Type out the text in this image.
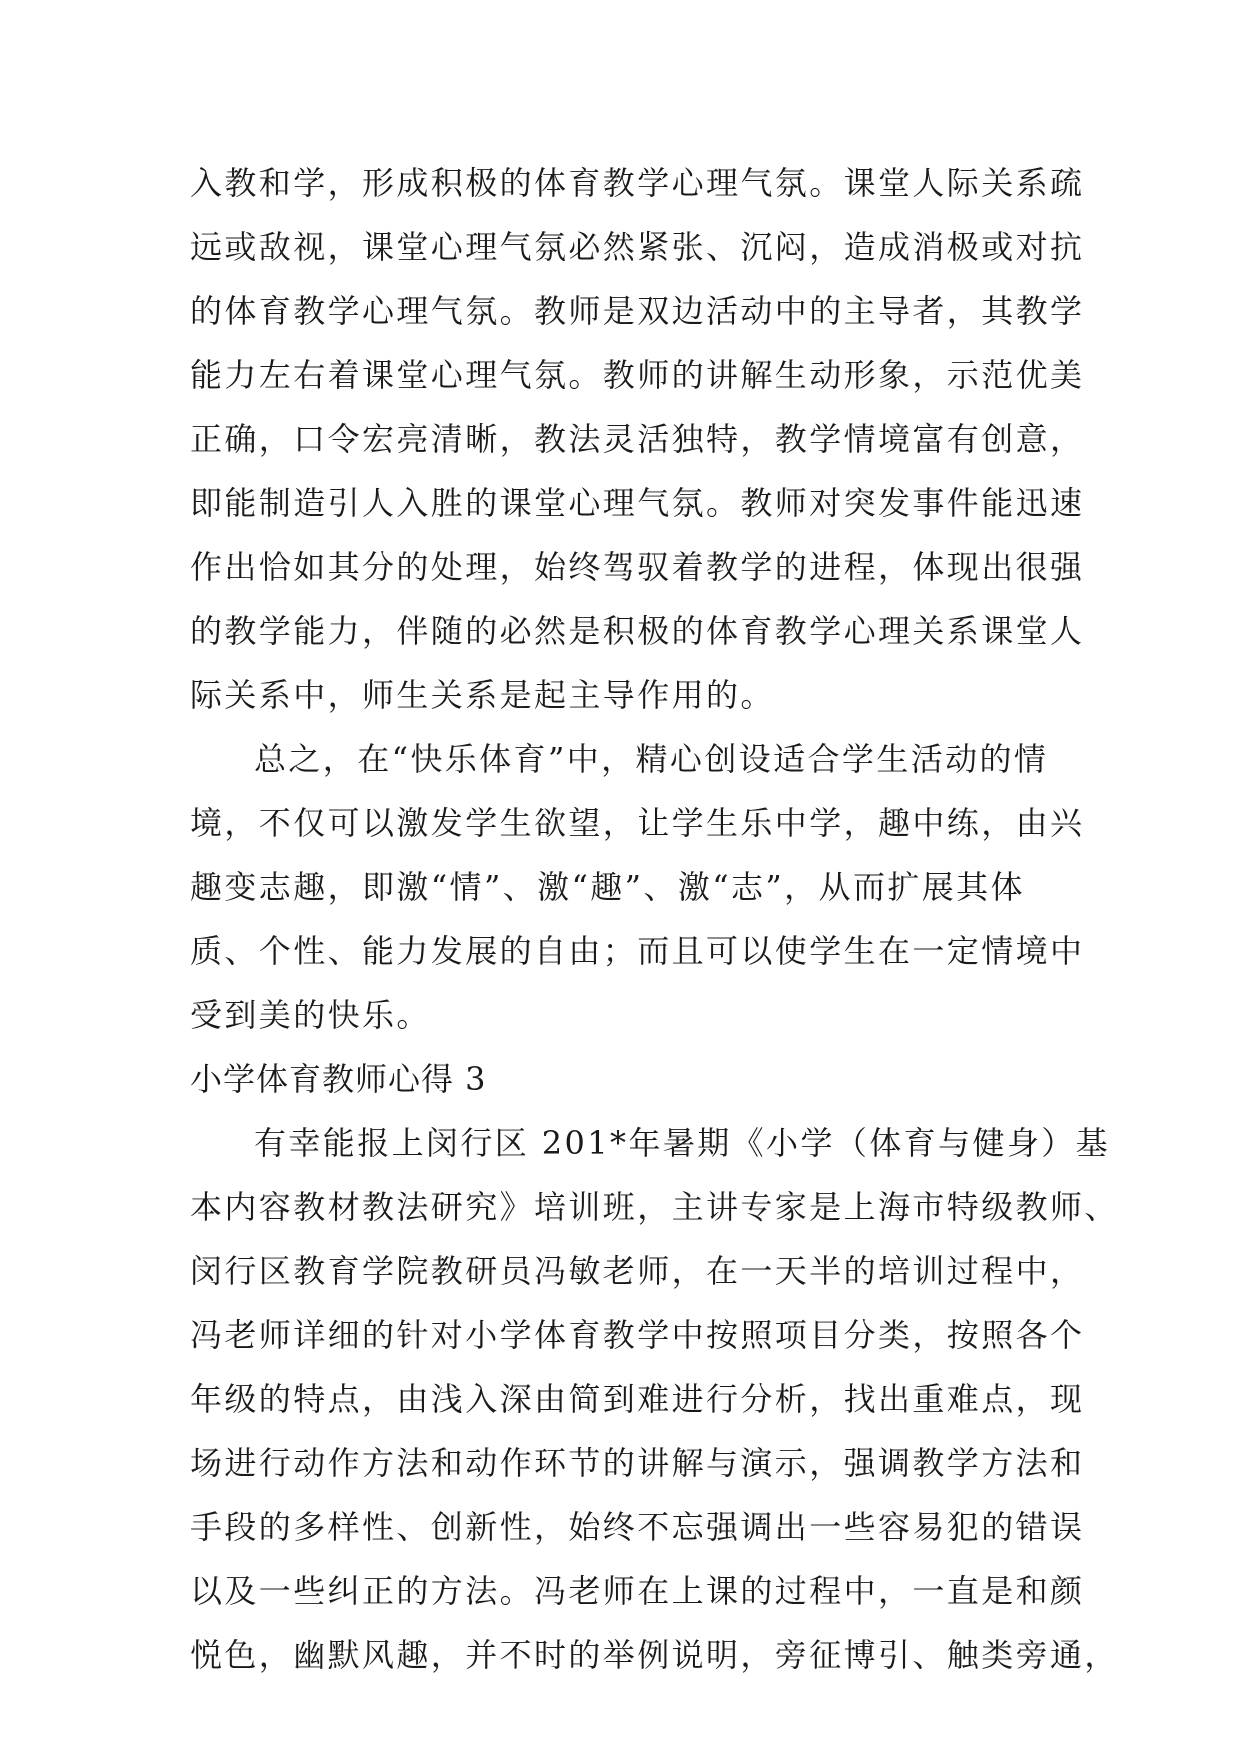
入教和学，形成积极的体育教学心理气氛。课堂人际关系疏
远或敌视，课堂心理气氛必然紧张、沉闷，造成消极或对抗
的体育教学心理气氛。教师是双边活动中的主导者，其教学
能力左右着课堂心理气氛。教师的讲解生动形象，示范优美
正确，口令宏亮清晰，教法灵活独特，教学情境富有创意，
即能制造引人入胜的课堂心理气氛。教师对突发事件能迅速
作出恰如其分的处理，始终驾驭着教学的进程，体现出很强
的教学能力，伴随的必然是积极的体育教学心理关系课堂人
际关系中，师生关系是起主导作用的。
总之，在“快乐体育”中，精心创设适合学生活动的情
境，不仅可以激发学生欲望，让学生乐中学，趣中练，由兴
趣变志趣，即激“情”、激“趣”、激“志”，从而扩展其体
质、个性、能力发展的自由；而且可以使学生在一定情境中
受到美的快乐。
小学体育教师心得 3
有幸能报上闵行区 201*年暑期《小学（体育与健身）基
本内容教材教法研究》培训班，主讲专家是上海市特级教师、
闵行区教育学院教研员冯敏老师，在一天半的培训过程中，
冯老师详细的针对小学体育教学中按照项目分类，按照各个
年级的特点，由浅入深由简到难进行分析，找出重难点，现
场进行动作方法和动作环节的讲解与演示，强调教学方法和
手段的多样性、创新性，始终不忘强调出一些容易犯的错误
以及一些纠正的方法。冯老师在上课的过程中，一直是和颜
悦色，幽默风趣，并不时的举例说明，旁征博引、触类旁通，
